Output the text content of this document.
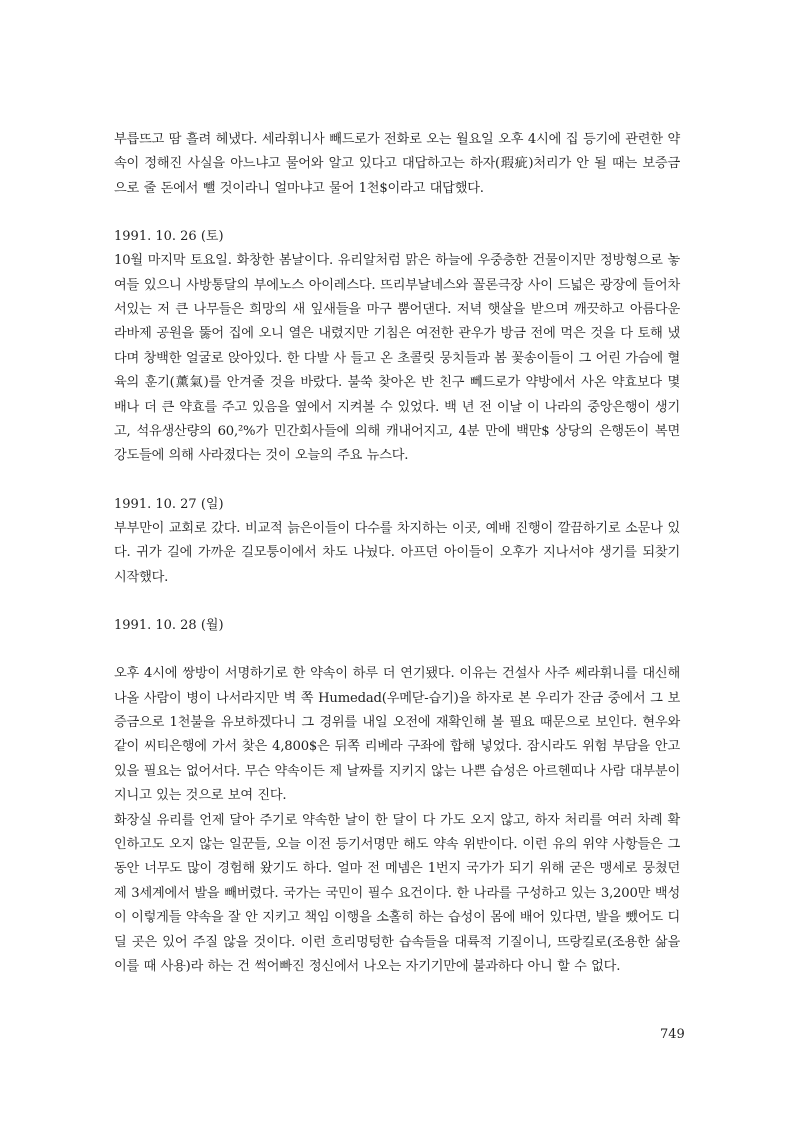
부릅뜨고 땀 흘려 헤냈다. 세라휘니사 빼드로가 전화로 오는 월요일 오후 4시에 집 등기에 관련한 약속이 정해진 사실을 아느냐고 물어와 알고 있다고 대답하고는 하자(瑕疵)처리가 안 될 때는 보증금으로 줄 돈에서 뺄 것이라니 얼마냐고 물어 1천$이라고 대답했다.

1991. 10. 26 (토)

10월 마지막 토요일. 화창한 봄날이다. 유리알처럼 맑은 하늘에 우중충한 건물이지만 정방형으로 놓여들 있으니 사방통달의 부에노스 아이레스다. 뜨리부날네스와 꼴론극장 사이 드넓은 광장에 들어차 서있는 저 큰 나무들은 희망의 새 잎새들을 마구 뿜어댄다. 저녁 햇살을 받으며 깨끗하고 아름다운 라바제 공원을 뚫어 집에 오니 열은 내렸지만 기침은 여전한 관우가 방금 전에 먹은 것을 다 토해 냈다며 창백한 얼굴로 앉아있다. 한 다발 사 들고 온 초콜릿 뭉치들과 봄 꽃송이들이 그 어린 가슴에 혈육의 훈기(薰氣)를 안겨줄 것을 바랐다. 불쑥 찾아온 반 친구 뻬드로가 약방에서 사온 약효보다 몇 배나 더 큰 약효를 주고 있음을 옆에서 지켜볼 수 있었다. 백 년 전 이날 이 나라의 중앙은행이 생기고, 석유생산량의 60,²%가 민간회사들에 의해 캐내어지고, 4분 만에 백만$ 상당의 은행돈이 복면 강도들에 의해 사라졌다는 것이 오늘의 주요 뉴스다.

1991. 10. 27 (일)

부부만이 교회로 갔다. 비교적 늙은이들이 다수를 차지하는 이곳, 예배 진행이 깔끔하기로 소문나 있다. 귀가 길에 가까운 길모퉁이에서 차도 나눴다. 아프던 아이들이 오후가 지나서야 생기를 되찾기 시작했다.

1991. 10. 28 (월)

오후 4시에 쌍방이 서명하기로 한 약속이 하루 더 연기됐다. 이유는 건설사 사주 쎄라휘니를 대신해 나올 사람이 병이 나서라지만 벽 쪽 Humedad(우메닫-습기)을 하자로 본 우리가 잔금 중에서 그 보증금으로 1천불을 유보하겠다니 그 경위를 내일 오전에 재확인해 볼 필요 때문으로 보인다. 현우와 같이 씨티은행에 가서 찾은 4,800$은 뒤쪽 리베라 구좌에 합해 넣었다. 잠시라도 위험 부담을 안고 있을 필요는 없어서다. 무슨 약속이든 제 날짜를 지키지 않는 나쁜 습성은 아르헨띠나 사람 대부분이 지니고 있는 것으로 보여 진다.

화장실 유리를 언제 달아 주기로 약속한 날이 한 달이 다 가도 오지 않고, 하자 처리를 여러 차례 확인하고도 오지 않는 일꾼들, 오늘 이전 등기서명만 해도 약속 위반이다. 이런 유의 위약 사항들은 그동안 너무도 많이 경험해 왔기도 하다. 얼마 전 메넴은 1번지 국가가 되기 위해 굳은 맹세로 뭉쳤던 제 3세계에서 발을 빼버렸다. 국가는 국민이 필수 요건이다. 한 나라를 구성하고 있는 3,200만 백성이 이렇게들 약속을 잘 안 지키고 책임 이행을 소홀히 하는 습성이 몸에 배어 있다면, 발을 뺐어도 디딜 곳은 있어 주질 않을 것이다. 이런 흐리멍텅한 습속들을 대륙적 기질이니, 뜨랑킬로(조용한 삶을 이를 때 사용)라 하는 건 썩어빠진 정신에서 나오는 자기기만에 불과하다 아니 할 수 없다.

749
